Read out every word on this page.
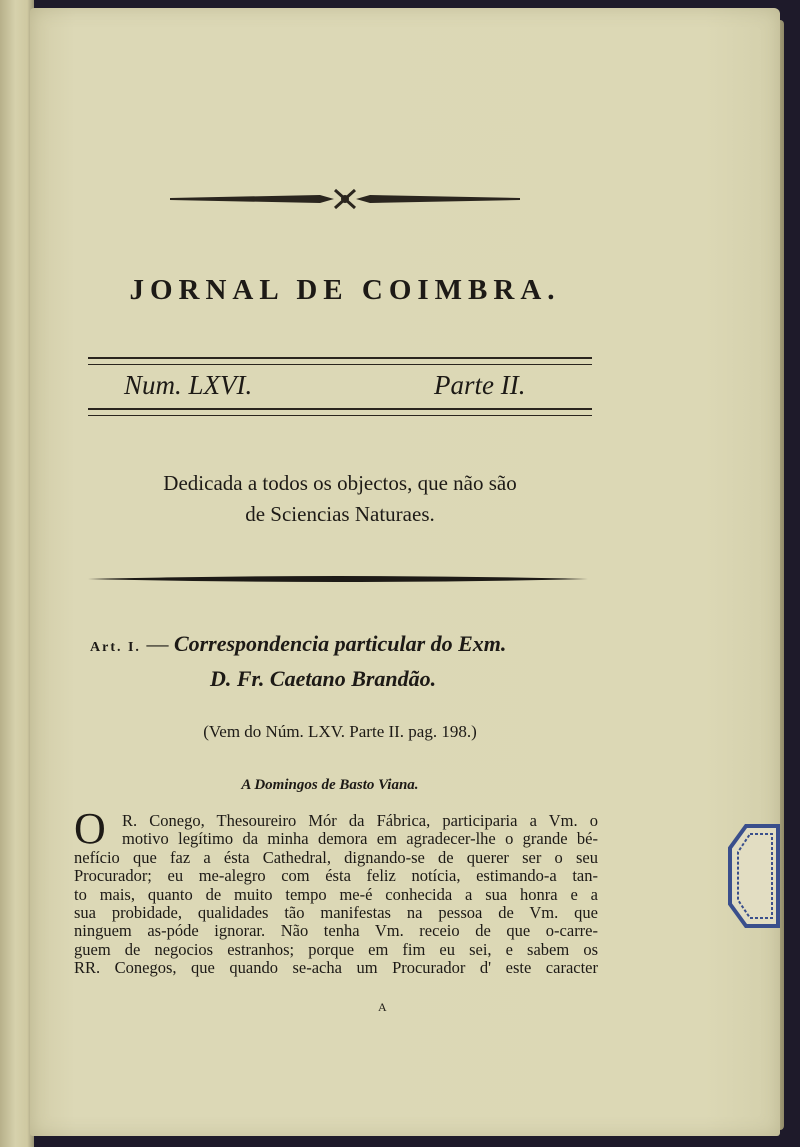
JORNAL DE COIMBRA.
Num. LXVI.	Parte II.
Dedicada a todos os objectos, que não são
de Sciencias Naturaes.
Art. I. — Correspondencia particular do Exm.
D. Fr. Caetano Brandão.
(Vem do Núm. LXV. Parte II. pag. 198.)
A Domingos de Basto Viana.
O R. Conego, Thesoureiro Mór da Fábrica, participaria a Vm. o
motivo legítimo da minha demora em agradecer-lhe o grande bé-
nefício que faz a ésta Cathedral, dignando-se de querer ser o seu
Procurador; eu me-alegro com ésta feliz notícia, estimando-a tan-
to mais, quanto de muito tempo me-é conhecida a sua honra e a
sua probidade, qualidades tão manifestas na pessoa de Vm. que
ninguem as-póde ignorar. Não tenha Vm. receio de que o-carre-
guem de negocios estranhos; porque em fim eu sei, e sabem os
RR. Conegos, que quando se-acha um Procurador d' este caracter
A
